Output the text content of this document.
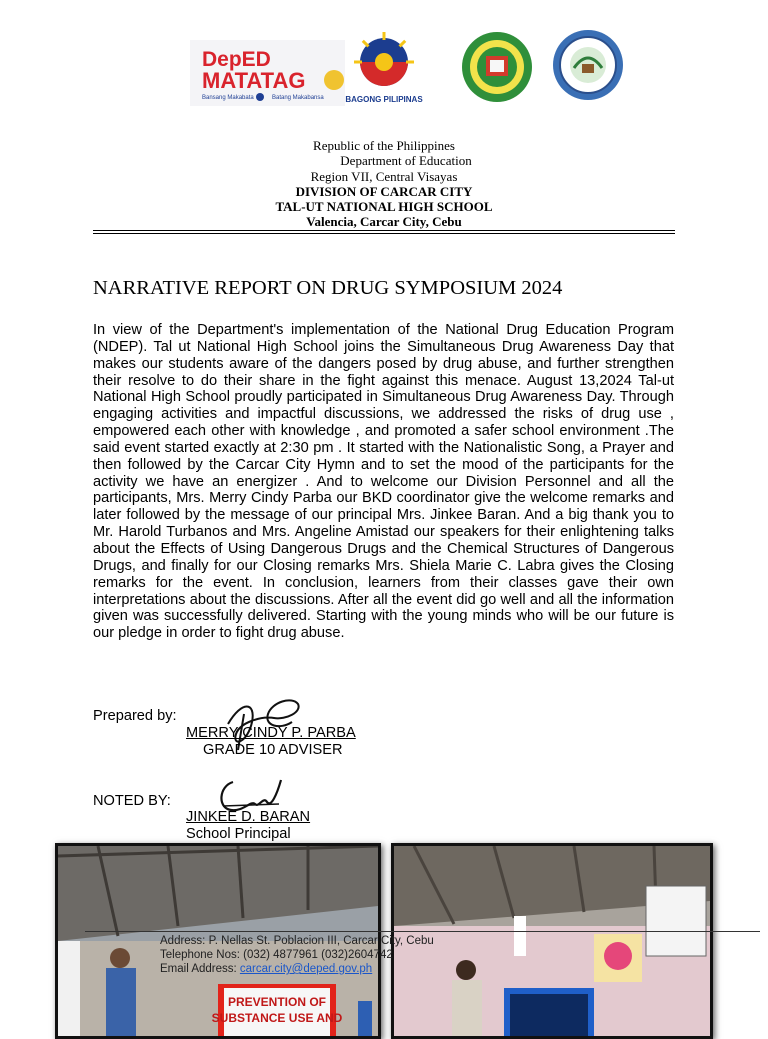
DepED
MATATAG
Bansang Makabata	Batang Makabansa	BAGONG PILIPINAS
Republic of the Philippines
Department of Education
Region VII, Central Visayas
DIVISION OF CARCAR CITY
TAL-UT NATIONAL HIGH SCHOOL
Valencia, Carcar City, Cebu
NARRATIVE REPORT ON DRUG SYMPOSIUM 2024
In view of the Department's implementation of the National Drug Education Program (NDEP). Tal ut National High School joins the Simultaneous Drug Awareness Day that makes our students aware of the dangers posed by drug abuse, and further strengthen their resolve to do their share in the fight against this menace. August 13,2024 Tal-ut National High School proudly participated in Simultaneous Drug Awareness Day. Through engaging activities and impactful discussions, we addressed the risks of drug use , empowered each other with knowledge , and promoted a safer school environment .The said event started exactly at 2:30 pm . It started with the Nationalistic Song, a Prayer and then followed by the Carcar City Hymn and to set the mood of the participants for the activity we have an energizer . And to welcome our Division Personnel and all the participants, Mrs. Merry Cindy Parba our BKD coordinator give the welcome remarks and later followed by the message of our principal Mrs. Jinkee Baran. And a big thank you to Mr. Harold Turbanos and Mrs. Angeline Amistad our speakers for their enlightening talks about the Effects of Using Dangerous Drugs and the Chemical Structures of Dangerous Drugs, and finally for our Closing remarks Mrs. Shiela Marie C. Labra gives the Closing remarks for the event. In conclusion, learners from their classes gave their own interpretations about the discussions. After all the event did go well and all the information given was successfully delivered. Starting with the young minds who will be our future is our pledge in order to fight drug abuse.
Prepared by:
MERRY CINDY P. PARBA
GRADE 10 ADVISER
NOTED BY:
JINKEE D. BARAN
School Principal
PREVENTION OF
SUBSTANCE USE AND
Address: P. Nellas St. Poblacion III, Carcar City, Cebu
Telephone Nos: (032) 4877961 (032)2604742
Email Address: carcar.city@deped.gov.ph
